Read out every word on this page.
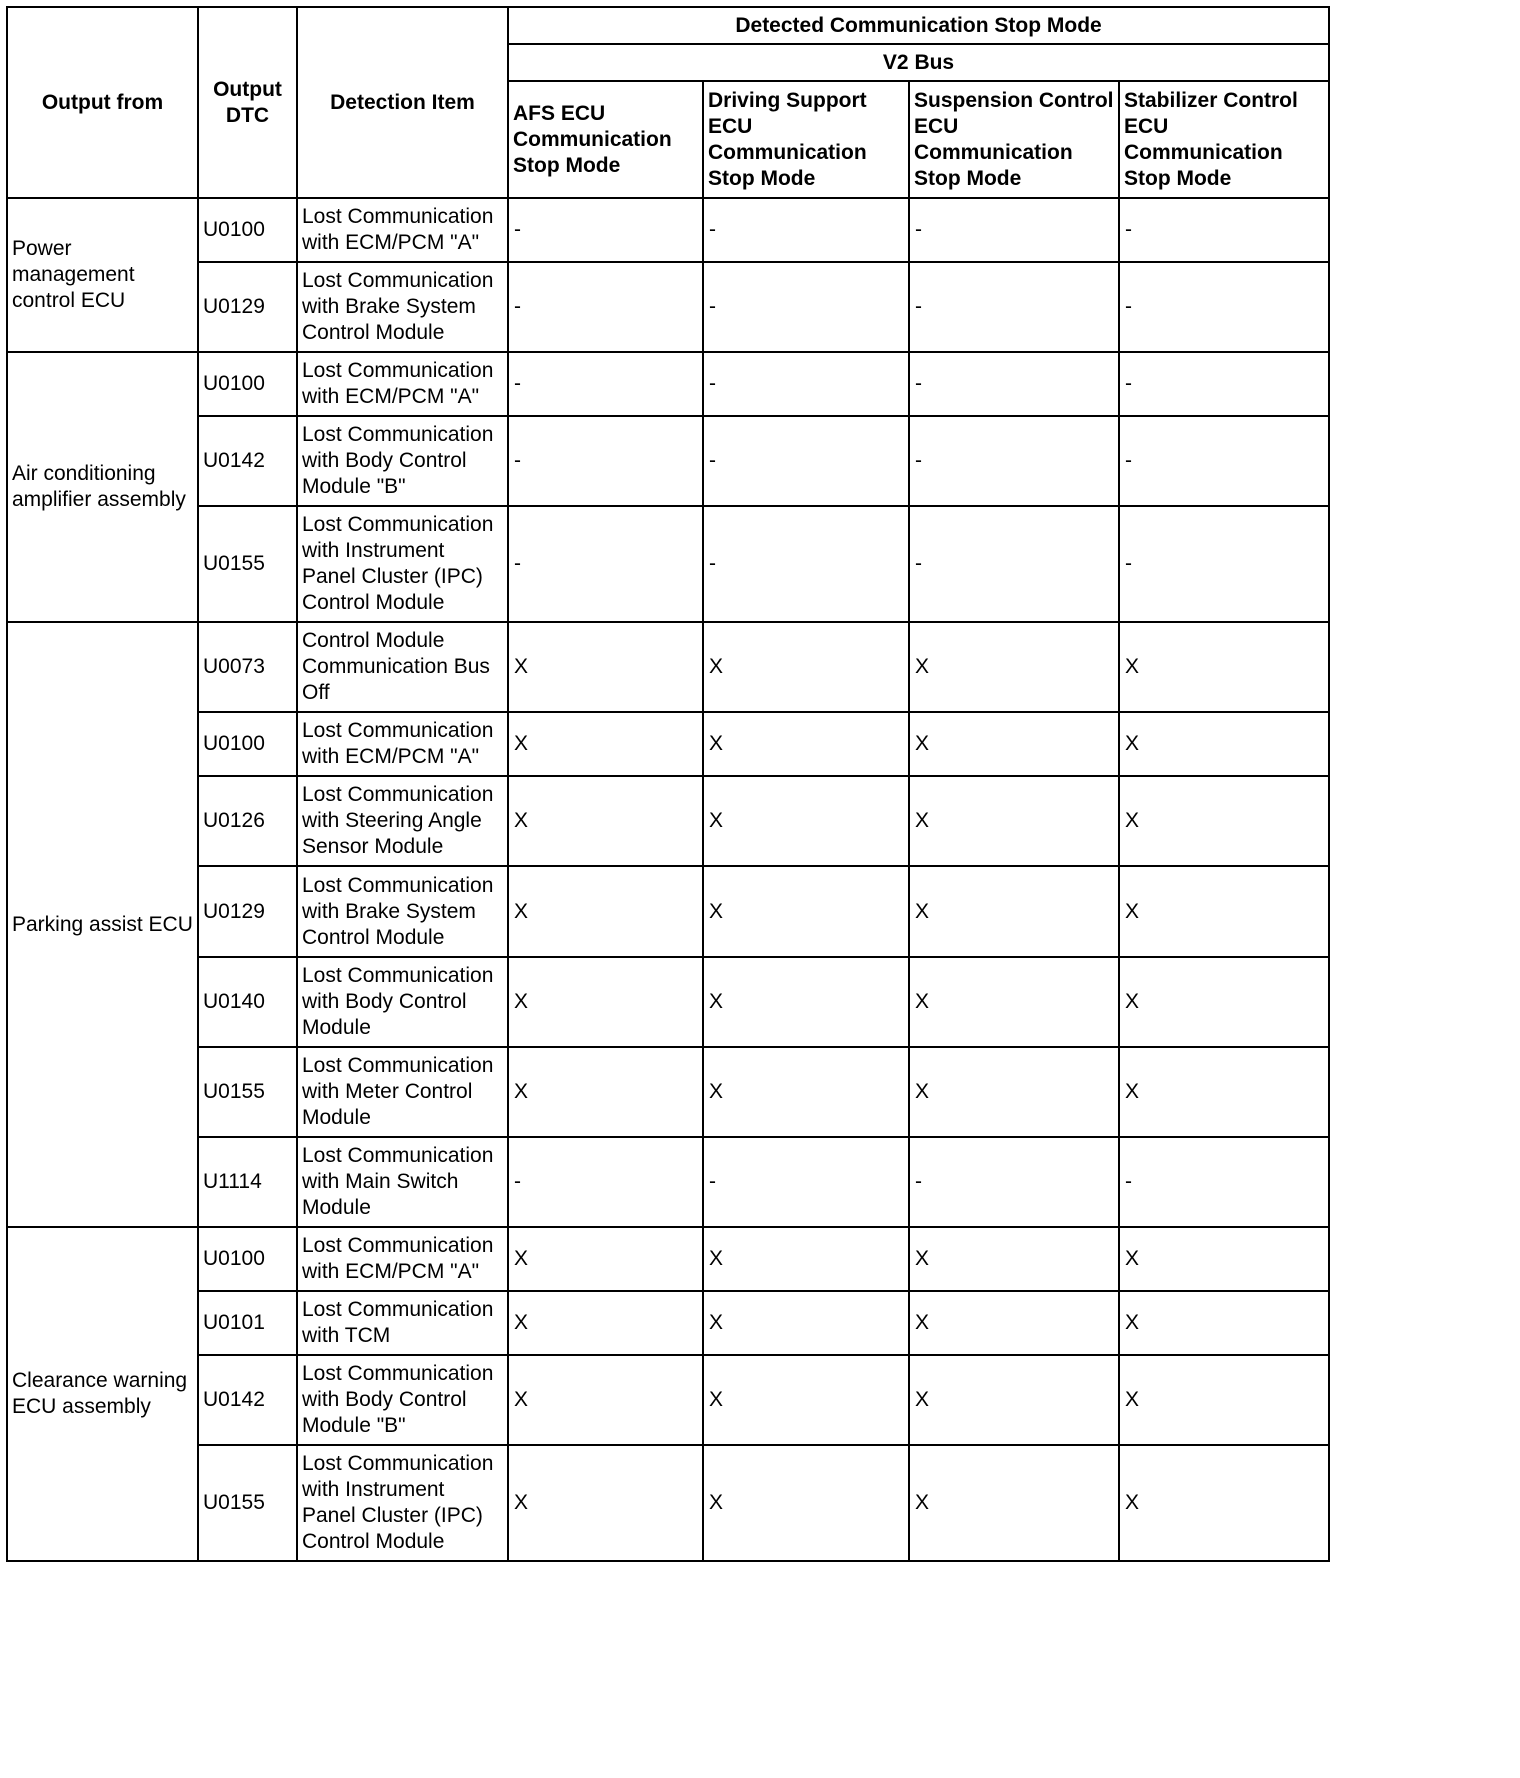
Output from	Output DTC	Detection Item	Detected Communication Stop Mode			
			V2 Bus			
			AFS ECU Communication Stop Mode	Driving Support ECU Communication Stop Mode	Suspension Control ECU Communication Stop Mode	Stabilizer Control ECU Communication Stop Mode
Power management control ECU	U0100	Lost Communication with ECM/PCM "A"	-	-	-	-
	U0129	Lost Communication with Brake System Control Module	-	-	-	-
Air conditioning amplifier assembly	U0100	Lost Communication with ECM/PCM "A"	-	-	-	-
	U0142	Lost Communication with Body Control Module "B"	-	-	-	-
	U0155	Lost Communication with Instrument Panel Cluster (IPC) Control Module	-	-	-	-
Parking assist ECU	U0073	Control Module Communication Bus Off	X	X	X	X
	U0100	Lost Communication with ECM/PCM "A"	X	X	X	X
	U0126	Lost Communication with Steering Angle Sensor Module	X	X	X	X
	U0129	Lost Communication with Brake System Control Module	X	X	X	X
	U0140	Lost Communication with Body Control Module	X	X	X	X
	U0155	Lost Communication with Meter Control Module	X	X	X	X
	U1114	Lost Communication with Main Switch Module	-	-	-	-
Clearance warning ECU assembly	U0100	Lost Communication with ECM/PCM "A"	X	X	X	X
	U0101	Lost Communication with TCM	X	X	X	X
	U0142	Lost Communication with Body Control Module "B"	X	X	X	X
	U0155	Lost Communication with Instrument Panel Cluster (IPC) Control Module	X	X	X	X
